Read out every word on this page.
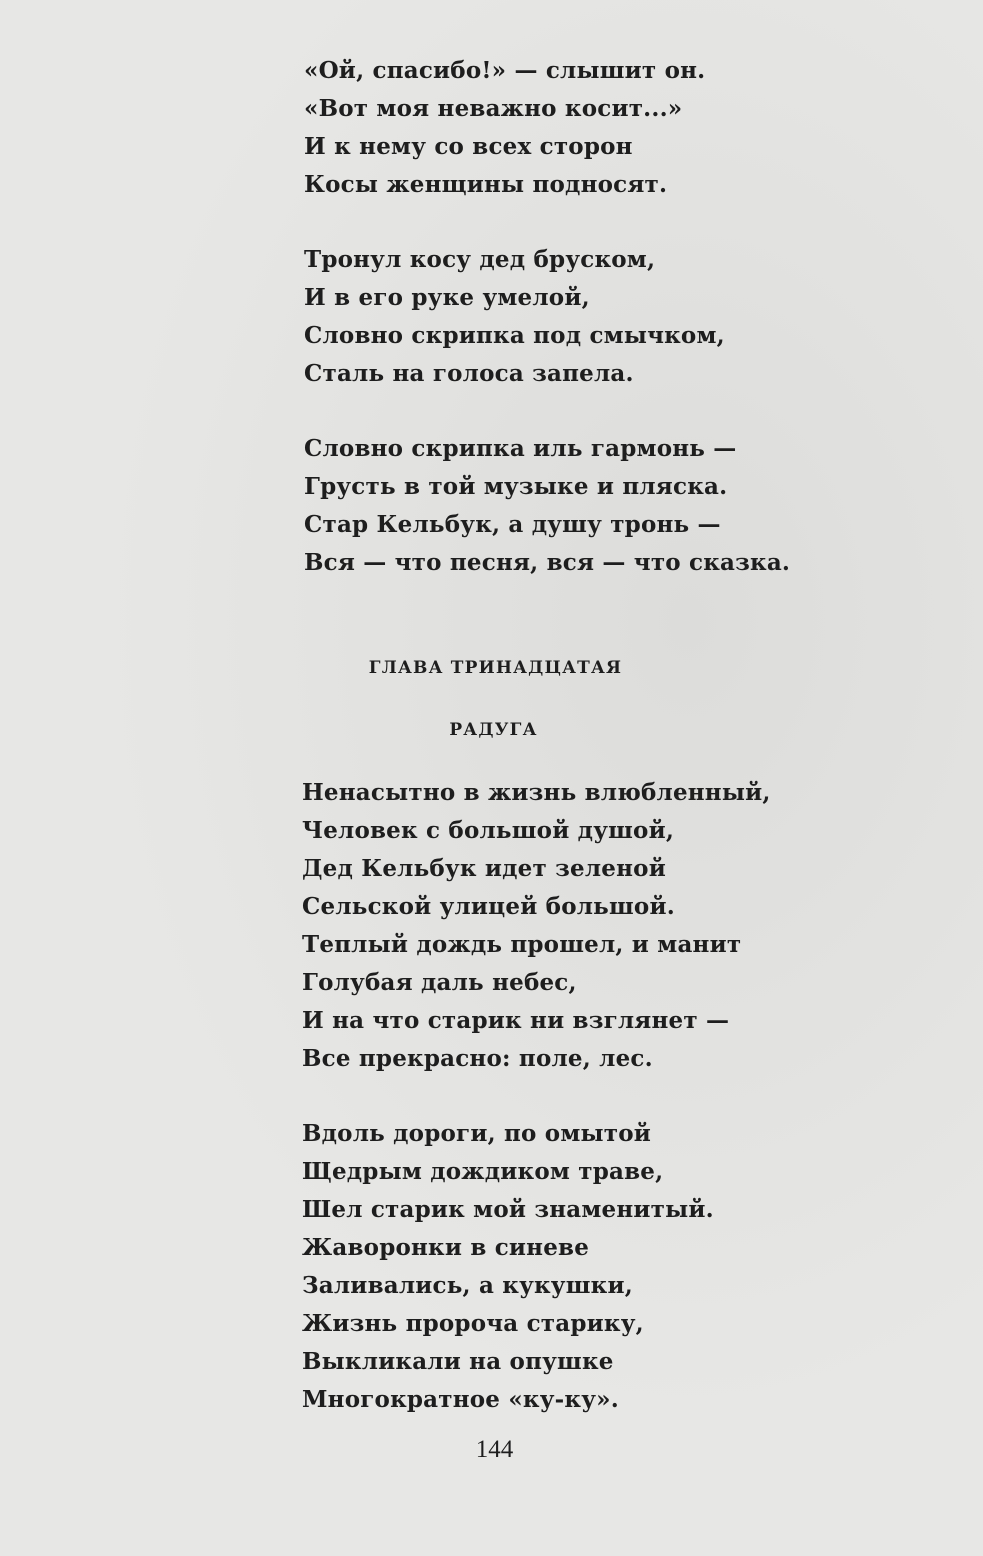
«Ой, спасибо!» — слышит он.
«Вот моя неважно косит...»
И к нему со всех сторон
Косы женщины подносят.
Тронул косу дед бруском,
И в его руке умелой,
Словно скрипка под смычком,
Сталь на голоса запела.
Словно скрипка иль гармонь —
Грусть в той музыке и пляска.
Стар Кельбук, а душу тронь —
Вся — что песня, вся — что сказка.
ГЛАВА ТРИНАДЦАТАЯ
РАДУГА
Ненасытно в жизнь влюбленный,
Человек с большой душой,
Дед Кельбук идет зеленой
Сельской улицей большой.
Теплый дождь прошел, и манит
Голубая даль небес,
И на что старик ни взглянет —
Все прекрасно: поле, лес.
Вдоль дороги, по омытой
Щедрым дождиком траве,
Шел старик мой знаменитый.
Жаворонки в синеве
Заливались, а кукушки,
Жизнь пророча старику,
Выкликали на опушке
Многократное «ку-ку».
144
